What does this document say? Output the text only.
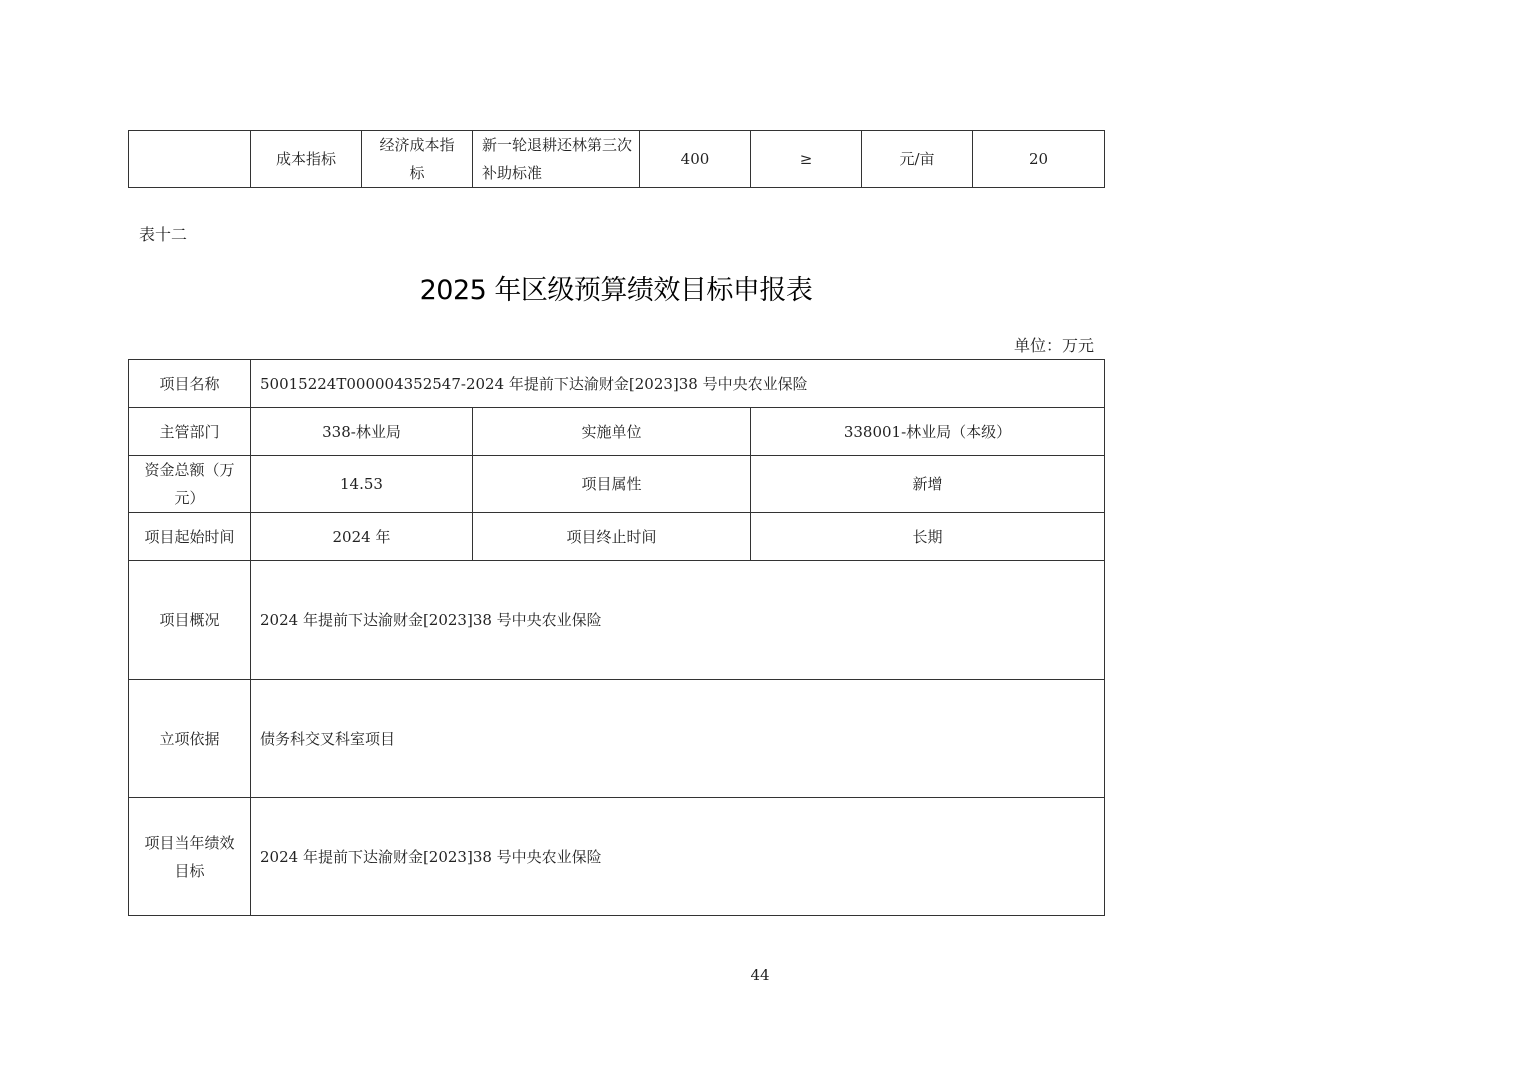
	成本指标	经济成本指标	新一轮退耕还林第三次补助标准	400	≥	元/亩	20
表十二
2025 年区级预算绩效目标申报表
单位：万元
项目名称	50015224T000004352547-2024 年提前下达渝财金[2023]38 号中央农业保险		
主管部门	338-林业局	实施单位	338001-林业局（本级）
资金总额（万元）	14.53	项目属性	新增
项目起始时间	2024 年	项目终止时间	长期
项目概况	2024 年提前下达渝财金[2023]38 号中央农业保险		
立项依据	债务科交叉科室项目		
项目当年绩效目标	2024 年提前下达渝财金[2023]38 号中央农业保险		
44
